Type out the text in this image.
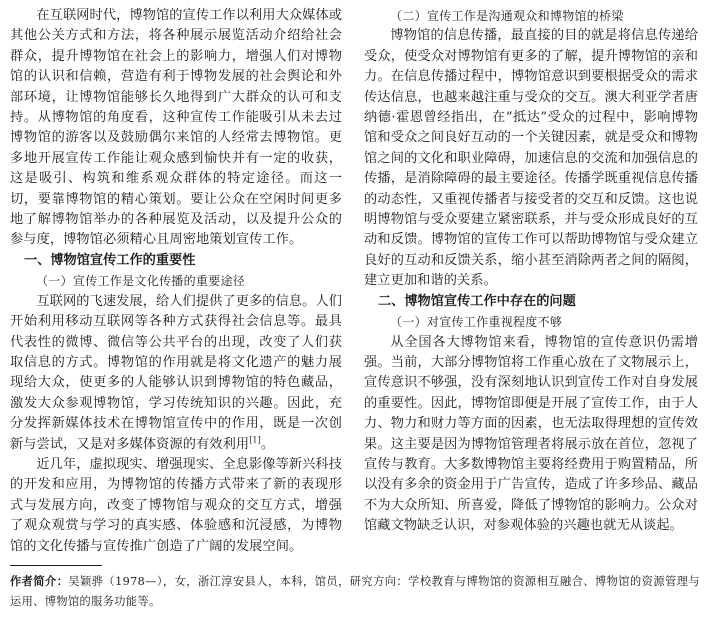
在互联网时代，博物馆的宣传工作以利用大众媒体或其他公关方式和方法，将各种展示展览活动介绍给社会群众，提升博物馆在社会上的影响力，增强人们对博物馆的认识和信赖，营造有利于博物发展的社会舆论和外部环境，让博物馆能够长久地得到广大群众的认可和支持。从博物馆的角度看，这种宣传工作能吸引从未去过博物馆的游客以及鼓励偶尔来馆的人经常去博物馆。更多地开展宣传工作能让观众感到愉快并有一定的收获，这是吸引、构筑和维系观众群体的特定途径。而这一切，要靠博物馆的精心策划。要让公众在空闲时间更多地了解博物馆举办的各种展览及活动，以及提升公众的参与度，博物馆必须精心且周密地策划宣传工作。

一、博物馆宣传工作的重要性

（一）宣传工作是文化传播的重要途径

互联网的飞速发展，给人们提供了更多的信息。人们开始利用移动互联网等各种方式获得社会信息等。最具代表性的微博、微信等公共平台的出现，改变了人们获取信息的方式。博物馆的作用就是将文化遗产的魅力展现给大众，使更多的人能够认识到博物馆的特色藏品，激发大众参观博物馆，学习传统知识的兴趣。因此，充分发挥新媒体技术在博物馆宣传中的作用，既是一次创新与尝试，又是对多媒体资源的有效利用[1]。

近几年，虚拟现实、增强现实、全息影像等新兴科技的开发和应用，为博物馆的传播方式带来了新的表现形式与发展方向，改变了博物馆与观众的交互方式，增强了观众观赏与学习的真实感、体验感和沉浸感，为博物馆的文化传播与宣传推广创造了广阔的发展空间。

（二）宣传工作是沟通观众和博物馆的桥梁

博物馆的信息传播，最直接的目的就是将信息传递给受众，使受众对博物馆有更多的了解，提升博物馆的亲和力。在信息传播过程中，博物馆意识到要根据受众的需求传达信息，也越来越注重与受众的交互。澳大利亚学者唐纳德·霍恩曾经指出，在“抵达”受众的过程中，影响博物馆和受众之间良好互动的一个关键因素，就是受众和博物馆之间的文化和职业障碍，加速信息的交流和加强信息的传播，是消除障碍的最主要途径。传播学既重视信息传播的动态性，又重视传播者与接受者的交互和反馈。这也说明博物馆与受众要建立紧密联系，并与受众形成良好的互动和反馈。博物馆的宣传工作可以帮助博物馆与受众建立良好的互动和反馈关系，缩小甚至消除两者之间的隔阂，建立更加和谐的关系。

二、博物馆宣传工作中存在的问题

（一）对宣传工作重视程度不够

从全国各大博物馆来看，博物馆的宣传意识仍需增强。当前，大部分博物馆将工作重心放在了文物展示上，宣传意识不够强，没有深刻地认识到宣传工作对自身发展的重要性。因此，博物馆即便是开展了宣传工作，由于人力、物力和财力等方面的因素，也无法取得理想的宣传效果。这主要是因为博物馆管理者将展示放在首位，忽视了宣传与教育。大多数博物馆主要将经费用于购置精品，所以没有多余的资金用于广告宣传，造成了许多珍品、藏品不为大众所知、所喜爱，降低了博物馆的影响力。公众对馆藏文物缺乏认识，对参观体验的兴趣也就无从谈起。

作者简介：吴颖骅（1978—），女，浙江淳安县人，本科，馆员，研究方向：学校教育与博物馆的资源相互融合、博物馆的资源管理与运用、博物馆的服务功能等。
